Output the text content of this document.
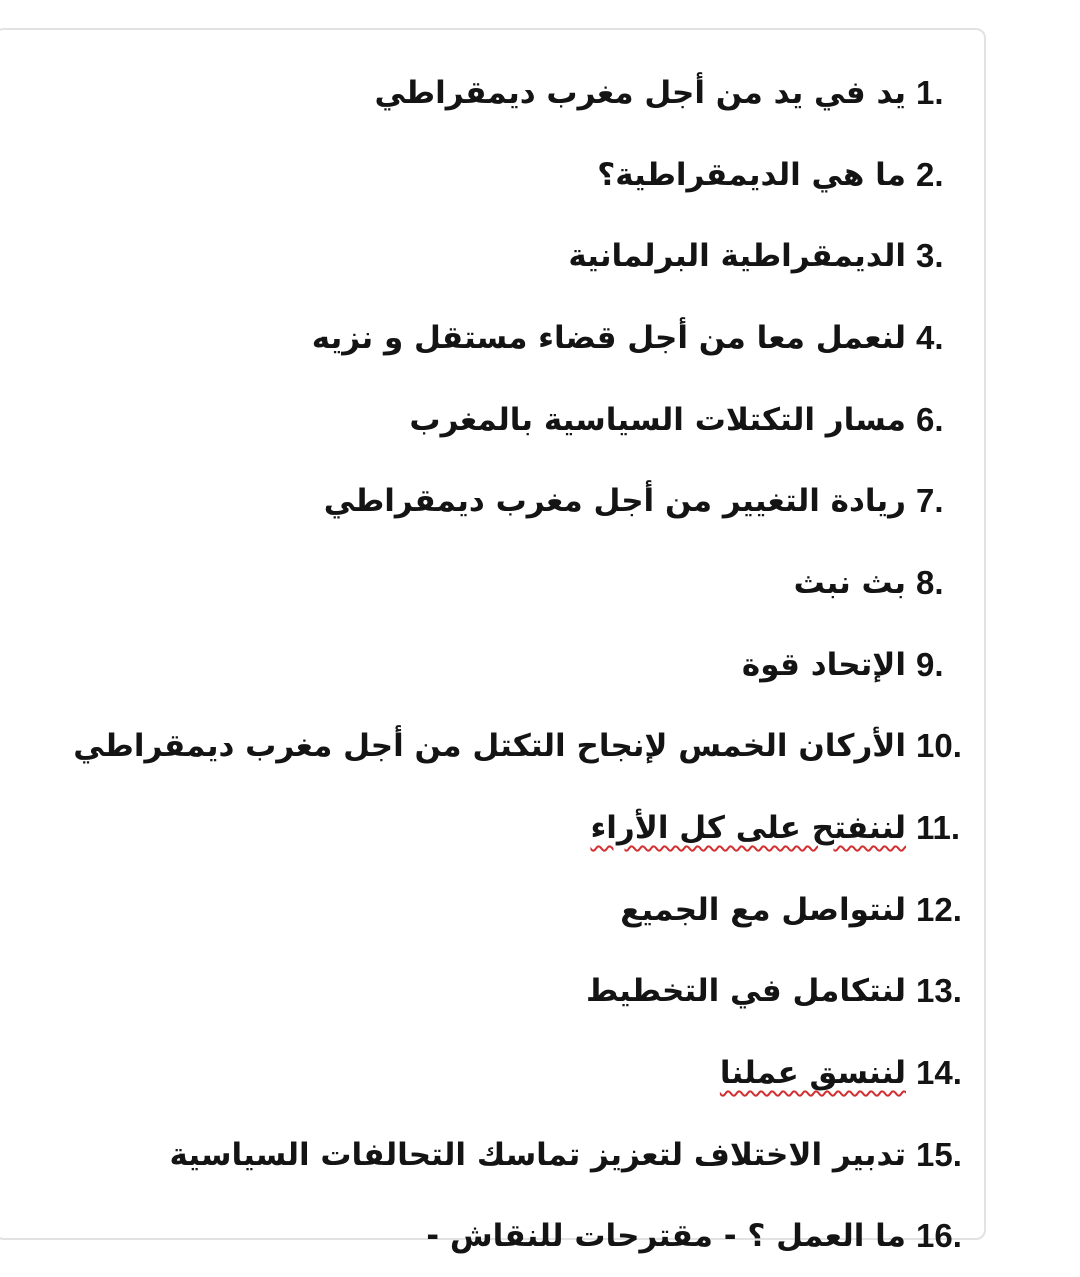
يد في يد من أجل مغرب ديمقراطي 1 .
ما هي الديمقراطية؟ 2 .
الديمقراطية البرلمانية 3 .
لنعمل معا من أجل قضاء مستقل و نزيه 4 .
مسار التكتلات السياسية بالمغرب 6 .
ريادة التغيير من أجل مغرب ديمقراطي 7 .
بث نبث 8 .
الإتحاد قوة 9 .
الأركان الخمس لإنجاح التكتل من أجل مغرب ديمقراطي 10 .
لننفتح على كل الأراء 11 .
لنتواصل مع الجميع 12 .
لنتكامل في التخطيط 13 .
لننسق عملنا 14 .
تدبير الاختلاف لتعزيز تماسك التحالفات السياسية 15 .
ما العمل ؟ - مقترحات للنقاش - 16 .
